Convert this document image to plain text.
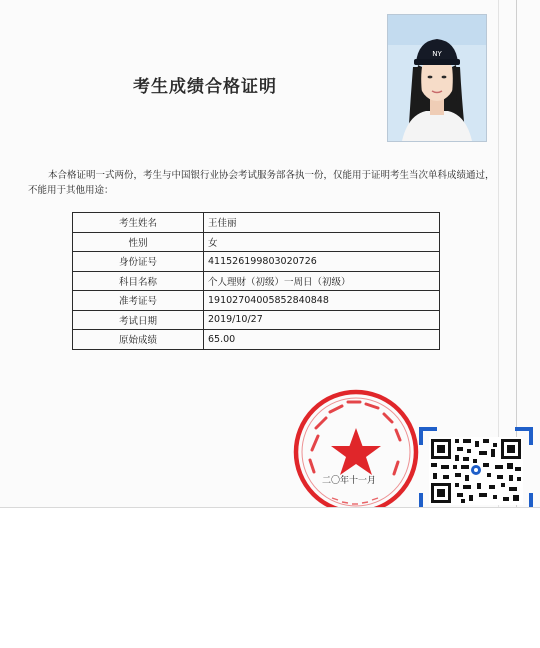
考生成绩合格证明
NY
本合格证明一式两份，考生与中国银行业协会考试服务部各执一份，仅能用于证明考生当次单科成绩通过，不能用于其他用途：
考生姓名	王佳丽
性别	女
身份证号	411526199803020726
科目名称	个人理财（初级）一周日（初级）
准考证号	19102704005852840848
考试日期	2019/10/27
原始成绩	65.00
二〇年十一月
